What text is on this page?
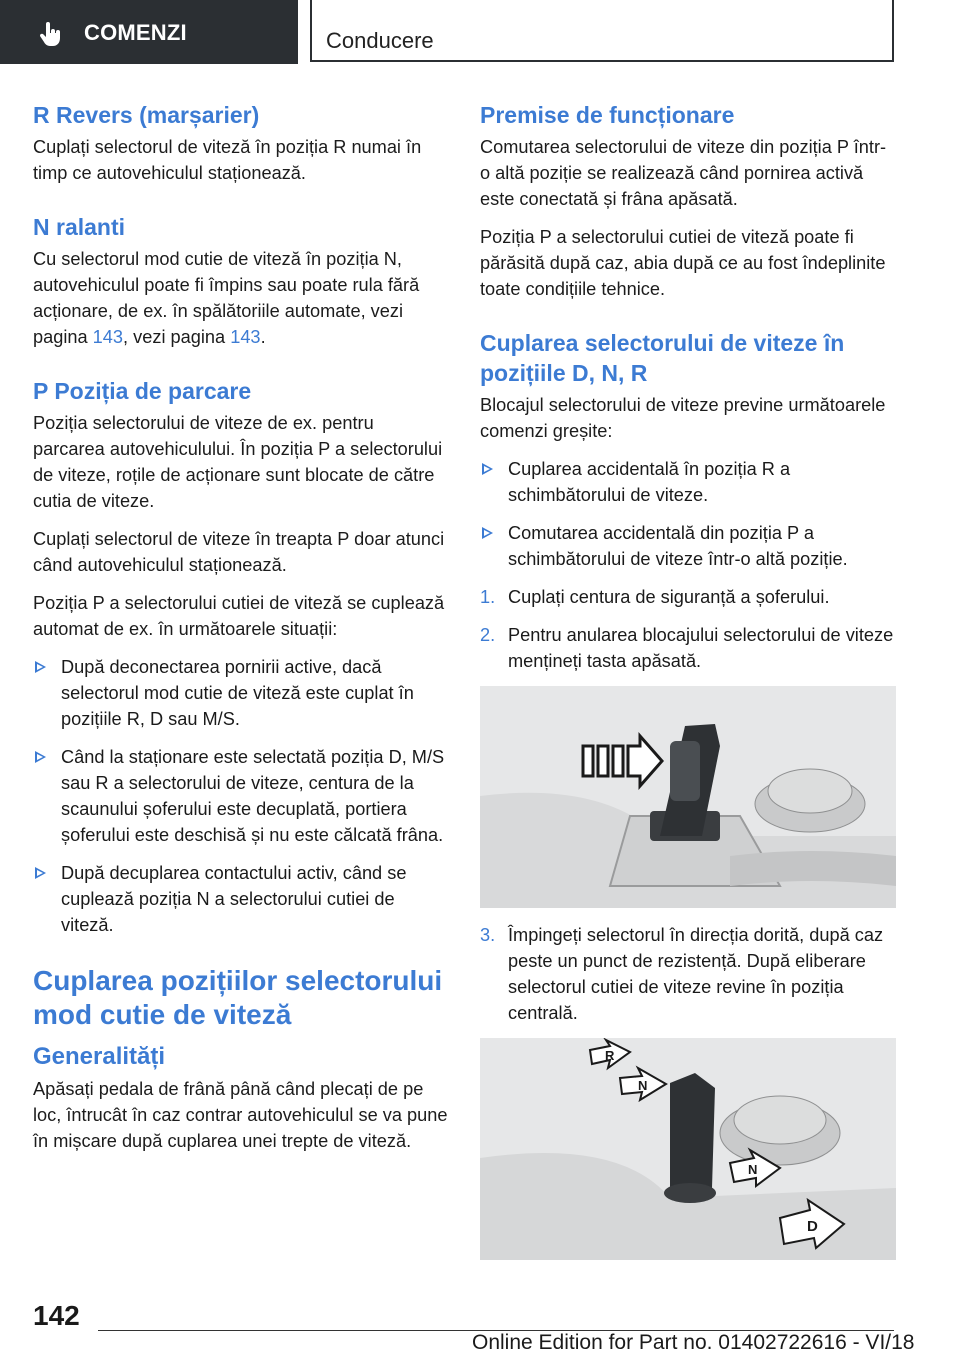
COMENZI	Conducere
R Revers (marșarier)

Cuplați selectorul de viteză în poziția R numai în timp ce autovehiculul staționează.

N ralanti

Cu selectorul mod cutie de viteză în poziția N, autovehiculul poate fi împins sau poate rula fără acționare, de ex. în spălătoriile automate, vezi pagina 143, vezi pagina 143.

P Poziția de parcare

Poziția selectorului de viteze de ex. pentru parcarea autovehiculului. În poziția P a selectorului de viteze, roțile de acționare sunt blocate de către cutia de viteze.

Cuplați selectorul de viteze în treapta P doar atunci când autovehiculul staționează.

Poziția P a selectorului cutiei de viteză se cuplează automat de ex. în următoarele situații:

După deconectarea pornirii active, dacă selectorul mod cutie de viteză este cuplat în pozițiile R, D sau M/S.
Când la staționare este selectată poziția D, M/S sau R a selectorului de viteze, centura de la scaunului șoferului este decuplată, portiera șoferului este deschisă și nu este călcată frâna.
După decuplarea contactului activ, când se cuplează poziția N a selectorului cutiei de viteză.
Cuplarea pozițiilor selectorului mod cutie de viteză
Generalități

Apăsați pedala de frână până când plecați de pe loc, întrucât în caz contrar autovehiculul se va pune în mișcare după cuplarea unei trepte de viteză.

Premise de funcționare

Comutarea selectorului de viteze din poziția P într-o altă poziție se realizează când pornirea activă este conectată și frâna apăsată.

Poziția P a selectorului cutiei de viteză poate fi părăsită după caz, abia după ce au fost îndeplinite toate condițiile tehnice.

Cuplarea selectorului de viteze în pozițiile D, N, R

Blocajul selectorului de viteze previne următoarele comenzi greșite:

Cuplarea accidentală în poziția R a schimbătorului de viteze.
Comutarea accidentală din poziția P a schimbătorului de viteze într-o altă poziție.
1. Cuplați centura de siguranță a șoferului.
2. Pentru anularea blocajului selectorului de viteze mențineți tasta apăsată.
3. Împingeți selectorul în direcția dorită, după caz peste un punct de rezistență. După eliberare selectorul cutiei de viteze revine în poziția centrală.
R
N
N
D
142
Online Edition for Part no. 01402722616 - VI/18
